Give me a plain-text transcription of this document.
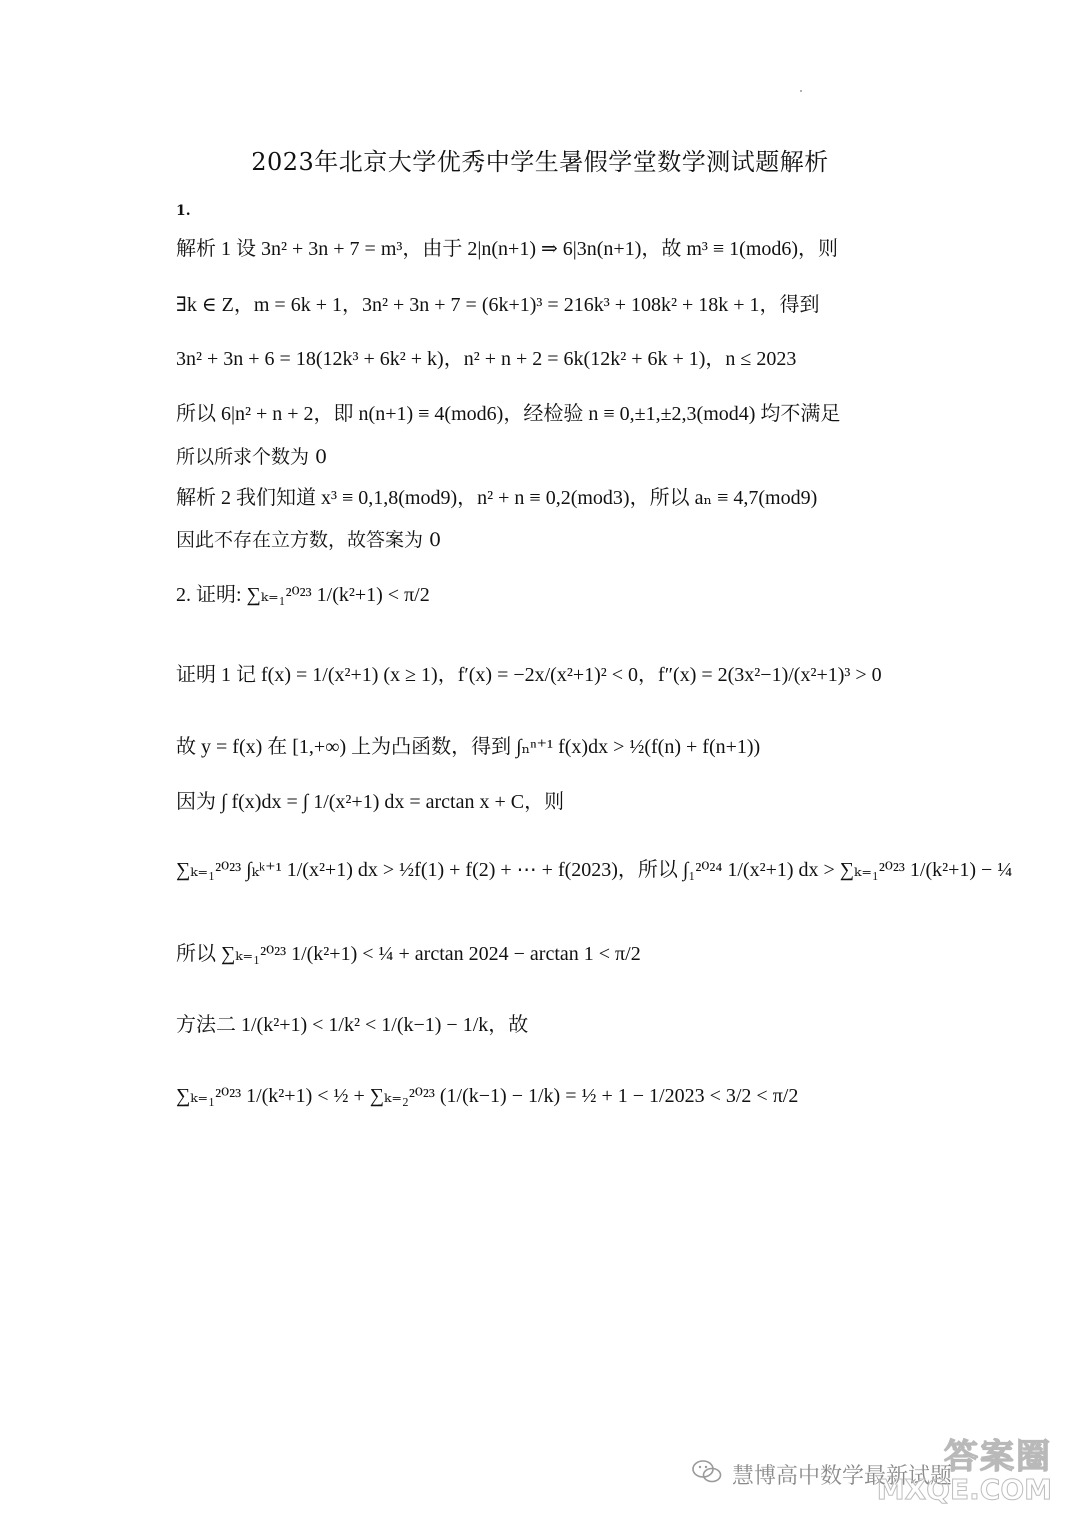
2023年北京大学优秀中学生暑假学堂数学测试题解析
1.
解析 1 设 3n² + 3n + 7 = m³，由于 2|n(n+1) ⇒ 6|3n(n+1)，故 m³ ≡ 1(mod6)，则
∃k ∈ Z，m = 6k + 1，3n² + 3n + 7 = (6k+1)³ = 216k³ + 108k² + 18k + 1，得到
3n² + 3n + 6 = 18(12k³ + 6k² + k)，n² + n + 2 = 6k(12k² + 6k + 1)，n ≤ 2023
所以 6|n² + n + 2，即 n(n+1) ≡ 4(mod6)，经检验 n ≡ 0,±1,±2,3(mod4) 均不满足
所以所求个数为 0
解析 2 我们知道 x³ ≡ 0,1,8(mod9)，n² + n ≡ 0,2(mod3)，所以 aₙ ≡ 4,7(mod9)
因此不存在立方数，故答案为 0
2. 证明: ∑ₖ₌₁²⁰²³ 1/(k²+1) < π/2
证明 1 记 f(x) = 1/(x²+1) (x ≥ 1)，f′(x) = −2x/(x²+1)² < 0，f″(x) = 2(3x²−1)/(x²+1)³ > 0
故 y = f(x) 在 [1,+∞) 上为凸函数，得到 ∫ₙⁿ⁺¹ f(x)dx > ½(f(n) + f(n+1))
因为 ∫ f(x)dx = ∫ 1/(x²+1) dx = arctan x + C，则
∑ₖ₌₁²⁰²³ ∫ₖᵏ⁺¹ 1/(x²+1) dx > ½f(1) + f(2) + ⋯ + f(2023)，所以 ∫₁²⁰²⁴ 1/(x²+1) dx > ∑ₖ₌₁²⁰²³ 1/(k²+1) − ¼
所以 ∑ₖ₌₁²⁰²³ 1/(k²+1) < ¼ + arctan 2024 − arctan 1 < π/2
方法二 1/(k²+1) < 1/k² < 1/(k−1) − 1/k，故
∑ₖ₌₁²⁰²³ 1/(k²+1) < ½ + ∑ₖ₌₂²⁰²³ (1/(k−1) − 1/k) = ½ + 1 − 1/2023 < 3/2 < π/2
慧博高中数学最新试题
答案圈
MXQE.COM
